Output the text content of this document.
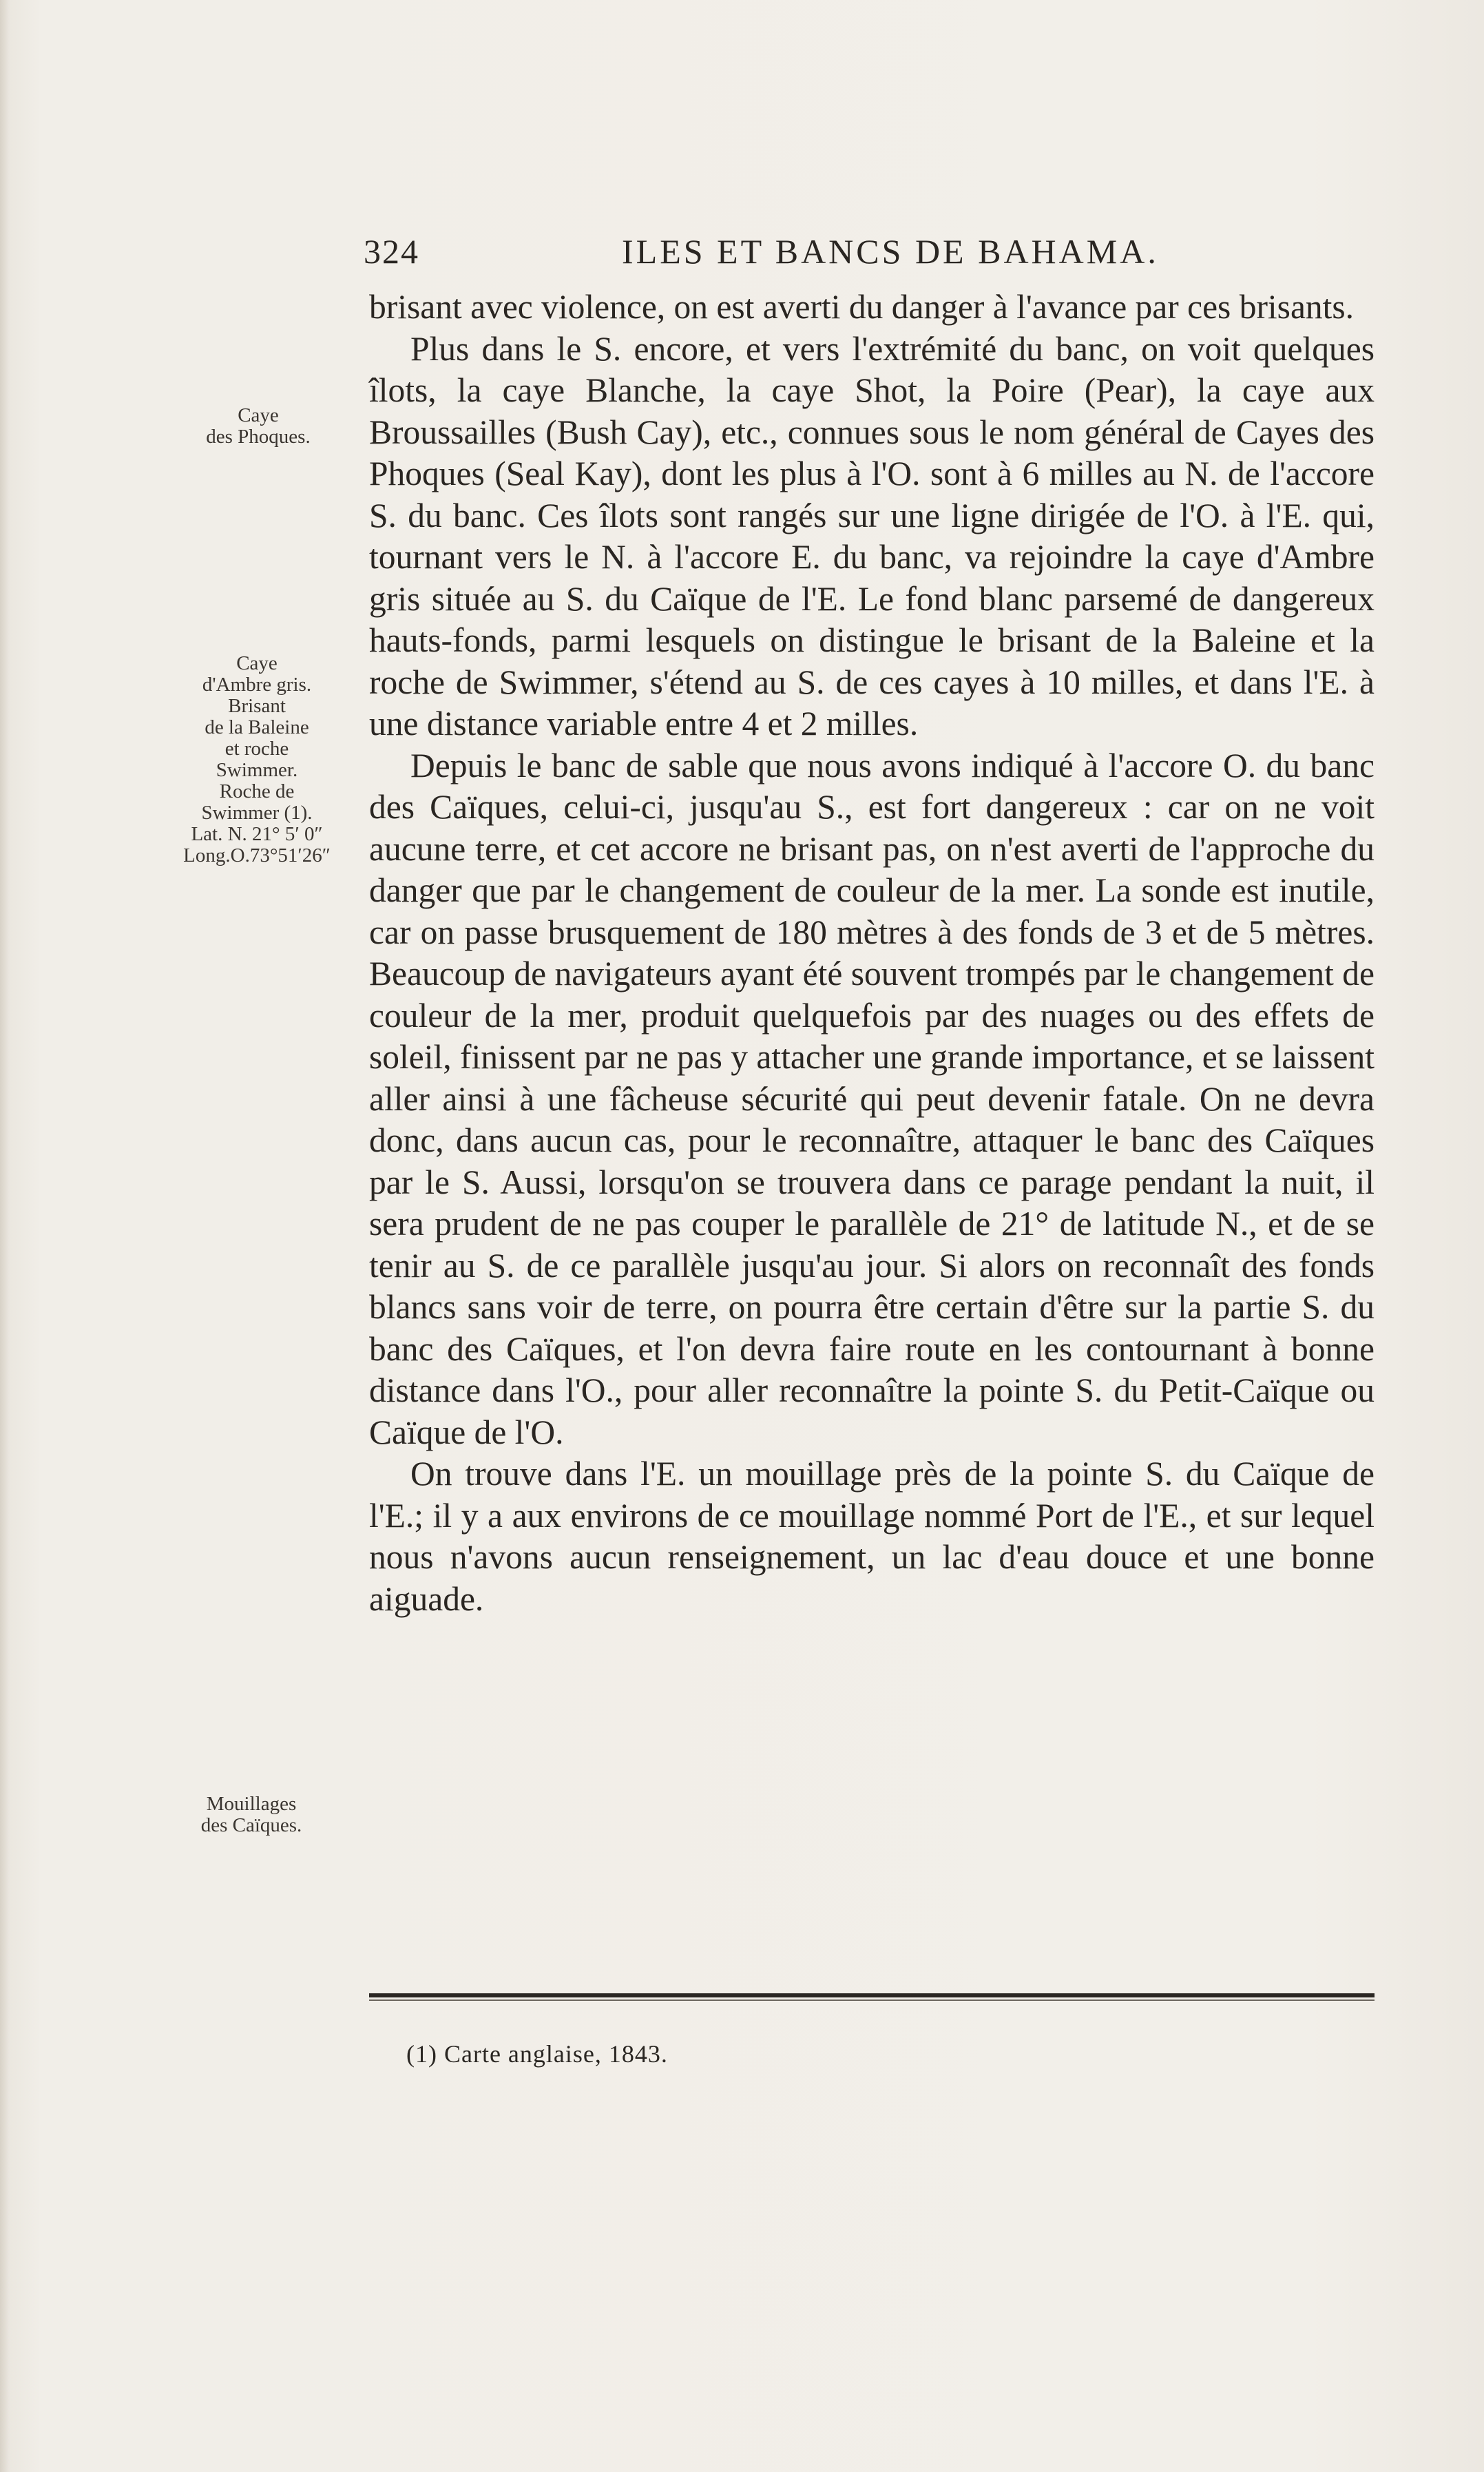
324	ILES ET BANCS DE BAHAMA.
Caye
des Phoques.
Caye
d'Ambre gris.
Brisant
de la Baleine
et roche
Swimmer.
Roche de
Swimmer (1).
Lat. N. 21° 5′ 0″
Long.O.73°51′26″
Mouillages
des Caïques.

brisant avec violence, on est averti du danger à l'avance par ces brisants.

Plus dans le S. encore, et vers l'extrémité du banc, on voit quelques îlots, la caye Blanche, la caye Shot, la Poire (Pear), la caye aux Broussailles (Bush Cay), etc., connues sous le nom général de Cayes des Phoques (Seal Kay), dont les plus à l'O. sont à 6 milles au N. de l'accore S. du banc. Ces îlots sont rangés sur une ligne dirigée de l'O. à l'E. qui, tournant vers le N. à l'accore E. du banc, va rejoindre la caye d'Ambre gris située au S. du Caïque de l'E. Le fond blanc parsemé de dangereux hauts-fonds, parmi lesquels on distingue le brisant de la Baleine et la roche de Swimmer, s'étend au S. de ces cayes à 10 milles, et dans l'E. à une distance variable entre 4 et 2 milles.

Depuis le banc de sable que nous avons indiqué à l'accore O. du banc des Caïques, celui-ci, jusqu'au S., est fort dangereux : car on ne voit aucune terre, et cet accore ne brisant pas, on n'est averti de l'approche du danger que par le changement de couleur de la mer. La sonde est inutile, car on passe brusquement de 180 mètres à des fonds de 3 et de 5 mètres. Beaucoup de navigateurs ayant été souvent trompés par le changement de couleur de la mer, produit quelquefois par des nuages ou des effets de soleil, finissent par ne pas y attacher une grande importance, et se laissent aller ainsi à une fâcheuse sécurité qui peut devenir fatale. On ne devra donc, dans aucun cas, pour le reconnaître, attaquer le banc des Caïques par le S. Aussi, lorsqu'on se trouvera dans ce parage pendant la nuit, il sera prudent de ne pas couper le parallèle de 21° de latitude N., et de se tenir au S. de ce parallèle jusqu'au jour. Si alors on reconnaît des fonds blancs sans voir de terre, on pourra être certain d'être sur la partie S. du banc des Caïques, et l'on devra faire route en les contournant à bonne distance dans l'O., pour aller reconnaître la pointe S. du Petit-Caïque ou Caïque de l'O.

On trouve dans l'E. un mouillage près de la pointe S. du Caïque de l'E.; il y a aux environs de ce mouillage nommé Port de l'E., et sur lequel nous n'avons aucun renseignement, un lac d'eau douce et une bonne aiguade.

(1) Carte anglaise, 1843.
